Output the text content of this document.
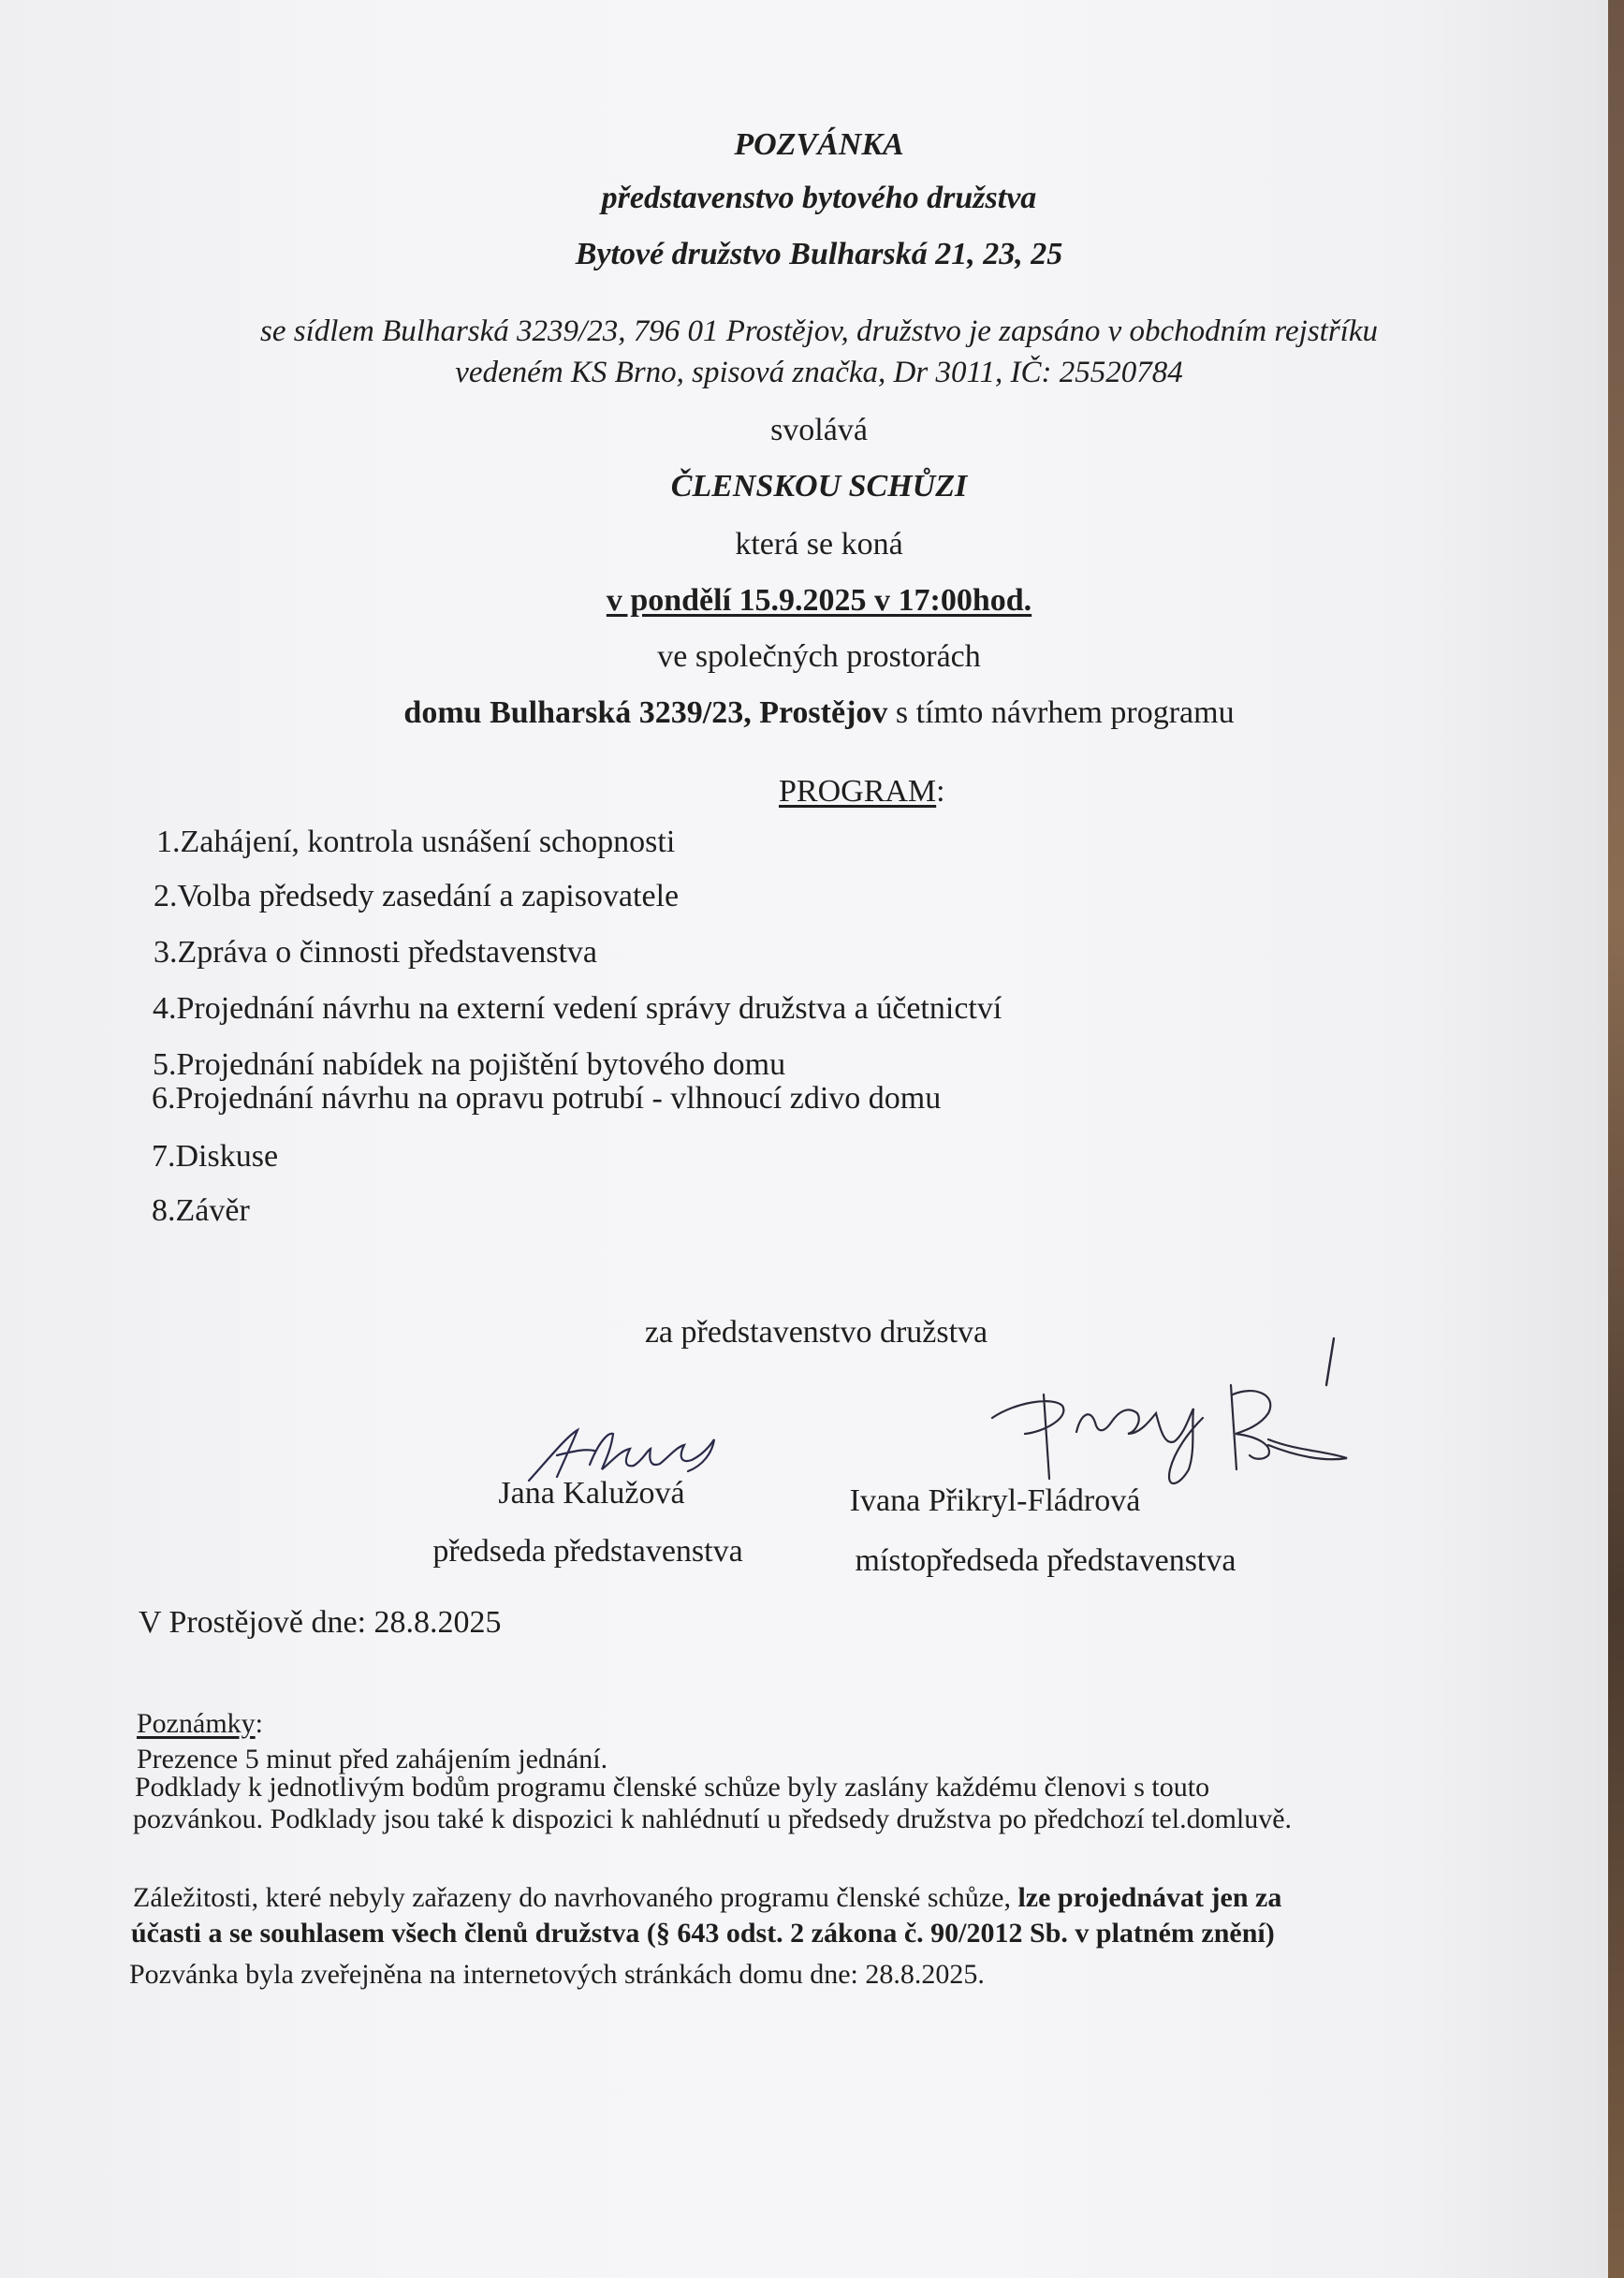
POZVÁNKA
představenstvo bytového družstva
Bytové družstvo Bulharská 21, 23, 25
se sídlem Bulharská 3239/23, 796 01 Prostějov, družstvo je zapsáno v obchodním rejstříku
vedeném KS Brno, spisová značka, Dr 3011, IČ: 25520784
svolává
ČLENSKOU SCHŮZI
která se koná
v pondělí 15.9.2025 v 17:00hod.
ve společných prostorách
domu Bulharská 3239/23, Prostějov s tímto návrhem programu
PROGRAM:
1.Zahájení, kontrola usnášení schopnosti
2.Volba předsedy zasedání a zapisovatele
3.Zpráva o činnosti představenstva
4.Projednání návrhu na externí vedení správy družstva a účetnictví
5.Projednání nabídek na pojištění bytového domu
6.Projednání návrhu na opravu potrubí - vlhnoucí zdivo domu
7.Diskuse
8.Závěr
za představenstvo družstva
Jana Kalužová	Ivana Přikryl-Fládrová
předseda představenstva	místopředseda představenstva
V Prostějově dne: 28.8.2025
Poznámky:
Prezence 5 minut před zahájením jednání.
Podklady k jednotlivým bodům programu členské schůze byly zaslány každému členovi s touto
pozvánkou. Podklady jsou také k dispozici k nahlédnutí u předsedy družstva po předchozí tel.domluvě.
Záležitosti, které nebyly zařazeny do navrhovaného programu členské schůze, lze projednávat jen za
účasti a se souhlasem všech členů družstva (§ 643 odst. 2 zákona č. 90/2012 Sb. v platném znění)
Pozvánka byla zveřejněna na internetových stránkách domu dne: 28.8.2025.
